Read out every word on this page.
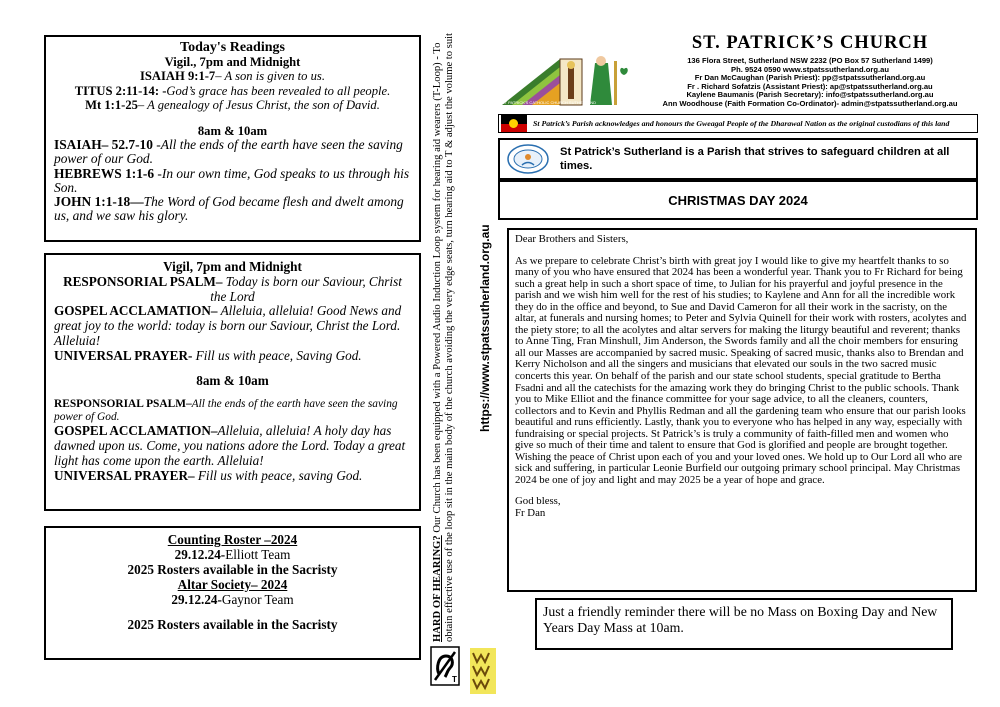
Today's Readings
Vigil., 7pm and Midnight
ISAIAH 9:1-7– A son is given to us.
TITUS 2:11-14: -God’s grace has been revealed to all people.
Mt 1:1-25– A genealogy of Jesus Christ, the son of David.
8am & 10am
ISAIAH– 52.7-10 -All the ends of the earth have seen the saving power of our God.
HEBREWS 1:1-6 -In our own time, God speaks to us through his Son.
JOHN 1:1-18—The Word of God became flesh and dwelt among us, and we saw his glory.
Vigil, 7pm and Midnight
RESPONSORIAL PSALM– Today is born our Saviour, Christ the Lord
GOSPEL ACCLAMATION– Alleluia, alleluia! Good News and great joy to the world: today is born our Saviour, Christ the Lord. Alleluia!
UNIVERSAL PRAYER- Fill us with peace, Saving God.
8am & 10am
RESPONSORIAL PSALM–All the ends of the earth have seen the saving power of God.
GOSPEL ACCLAMATION–Alleluia, alleluia! A holy day has dawned upon us. Come, you nations adore the Lord. Today a great light has come upon the earth. Alleluia!
UNIVERSAL PRAYER– Fill us with peace, saving God.
Counting Roster –2024
29.12.24-Elliott Team
2025 Rosters available in the Sacristy
Altar Society– 2024
29.12.24-Gaynor Team
2025 Rosters available in the Sacristy	HARD OF HEARING? Our Church has been equipped with a Powered Audio Induction Loop system for hearing aid wearers (T-Loop) - To obtain effective use of the loop sit in the main body of the church avoiding the very edge seats, turn hearing aid to T & adjust the volume to suit https://www.stpatssutherland.org.au
T
ST PATRICK'S CATHOLIC CHURCH SUTHERLAND
ST. PATRICK’S CHURCH
136 Flora Street, Sutherland NSW 2232 (PO Box 57 Sutherland 1499)
Ph. 9524 0590 www.stpatssutherland.org.au
Fr Dan McCaughan (Parish Priest): pp@stpatssutherland.org.au
Fr . Richard Sofatzis (Assistant Priest): ap@stpatssutherland.org.au
Kaylene Baumanis (Parish Secretary): info@stpatssutherland.org.au
Ann Woodhouse (Faith Formation Co-Ordinator)- admin@stpatssutherland.org.au
St Patrick’s Parish acknowledges and honours the Gweagal People of the Dharawal Nation as the original custodians of this land
St Patrick’s Sutherland is a Parish that strives to safeguard children at all times.
CHRISTMAS DAY 2024

Dear Brothers and Sisters,

As we prepare to celebrate Christ’s birth with great joy I would like to give my heartfelt thanks to so many of you who have ensured that 2024 has been a wonderful year. Thank you to Fr Richard for being such a great help in such a short space of time, to Julian for his prayerful and joyful presence in the parish and we wish him well for the rest of his studies; to Kaylene and Ann for all the incredible work they do in the office and beyond, to Sue and David Cameron for all their work in the sacristy, on the altar, at funerals and nursing homes; to Peter and Sylvia Quinell for their work with rosters, acolytes and the piety store; to all the acolytes and altar servers for making the liturgy beautiful and reverent; thanks to Anne Ting, Fran Minshull, Jim Anderson, the Swords family and all the choir members for ensuring all our Masses are accompanied by sacred music. Speaking of sacred music, thanks also to Brendan and Kerry Nicholson and all the singers and musicians that elevated our souls in the two sacred music concerts this year. On behalf of the parish and our state school students, special gratitude to Bertha Fsadni and all the catechists for the amazing work they do bringing Christ to the public schools. Thank you to Mike Elliot and the finance committee for your sage advice, to all the cleaners, counters, collectors and to Kevin and Phyllis Redman and all the gardening team who ensure that our parish looks beautiful and runs efficiently. Lastly, thank you to everyone who has helped in any way, especially with fundraising or special projects. St Patrick’s is truly a community of faith-filled men and women who give so much of their time and talent to ensure that God is glorified and people are brought together. Wishing the peace of Christ upon each of you and your loved ones. We hold up to Our Lord all who are sick and suffering, in particular Leonie Burfield our outgoing primary school principal. May Christmas 2024 be one of joy and light and may 2025 be a year of hope and grace.

God bless,
Fr Dan
Just a friendly reminder there will be no Mass on Boxing Day and New Years Day Mass at 10am.
